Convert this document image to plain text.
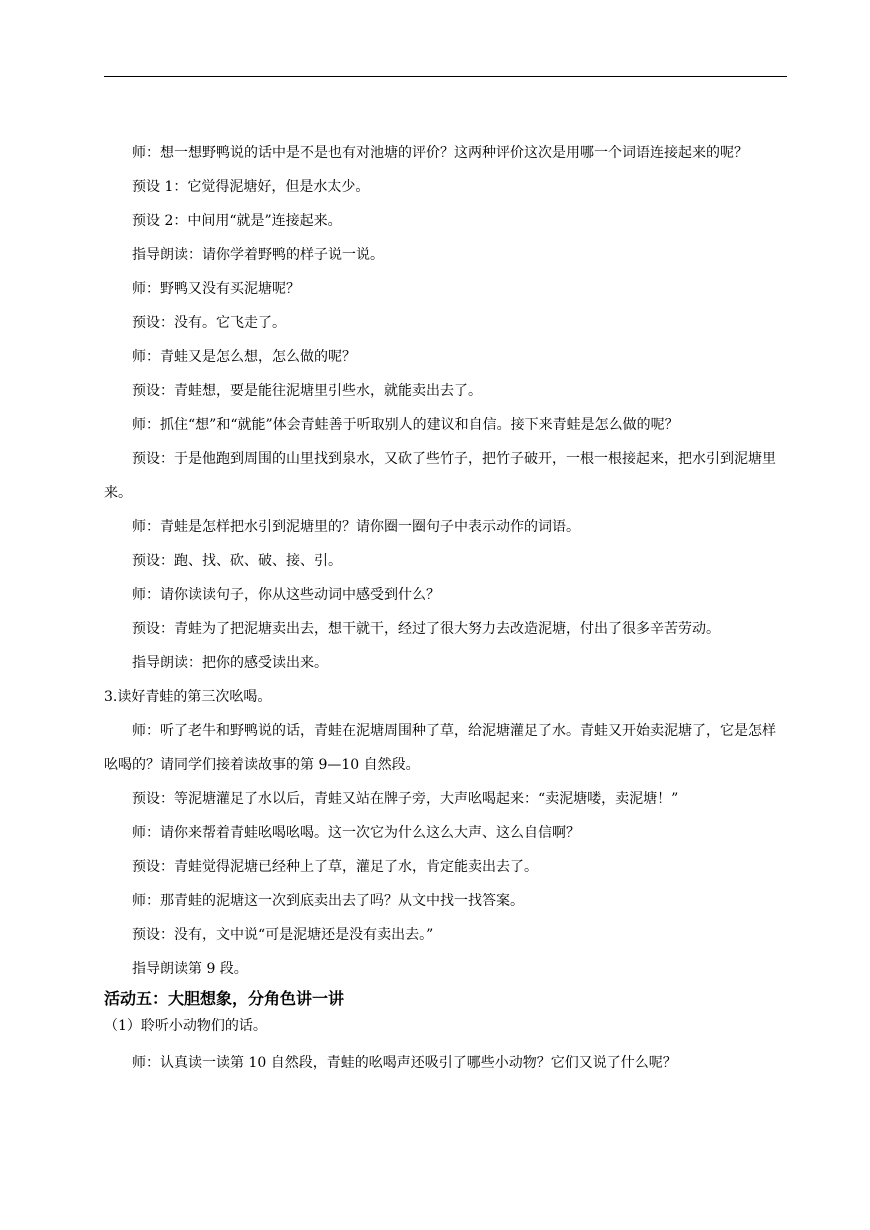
师：想一想野鸭说的话中是不是也有对池塘的评价？这两种评价这次是用哪一个词语连接起来的呢？

预设 1：它觉得泥塘好，但是水太少。

预设 2：中间用“就是”连接起来。

指导朗读：请你学着野鸭的样子说一说。

师：野鸭又没有买泥塘呢？

预设：没有。它飞走了。

师：青蛙又是怎么想，怎么做的呢？

预设：青蛙想，要是能往泥塘里引些水，就能卖出去了。

师：抓住“想”和“就能”体会青蛙善于听取别人的建议和自信。接下来青蛙是怎么做的呢？

预设：于是他跑到周围的山里找到泉水，又砍了些竹子，把竹子破开，一根一根接起来，把水引到泥塘里来。

师：青蛙是怎样把水引到泥塘里的？请你圈一圈句子中表示动作的词语。

预设：跑、找、砍、破、接、引。

师：请你读读句子，你从这些动词中感受到什么？

预设：青蛙为了把泥塘卖出去，想干就干，经过了很大努力去改造泥塘，付出了很多辛苦劳动。

指导朗读：把你的感受读出来。

3.读好青蛙的第三次吆喝。

师：听了老牛和野鸭说的话，青蛙在泥塘周围种了草，给泥塘灌足了水。青蛙又开始卖泥塘了，它是怎样吆喝的？请同学们接着读故事的第 9—10 自然段。

预设：等泥塘灌足了水以后，青蛙又站在牌子旁，大声吆喝起来：“卖泥塘喽，卖泥塘！”

师：请你来帮着青蛙吆喝吆喝。这一次它为什么这么大声、这么自信啊？

预设：青蛙觉得泥塘已经种上了草，灌足了水，肯定能卖出去了。

师：那青蛙的泥塘这一次到底卖出去了吗？从文中找一找答案。

预设：没有，文中说“可是泥塘还是没有卖出去。”

指导朗读第 9 段。

活动五：大胆想象，分角色讲一讲

（1）聆听小动物们的话。

师：认真读一读第 10 自然段，青蛙的吆喝声还吸引了哪些小动物？它们又说了什么呢？
